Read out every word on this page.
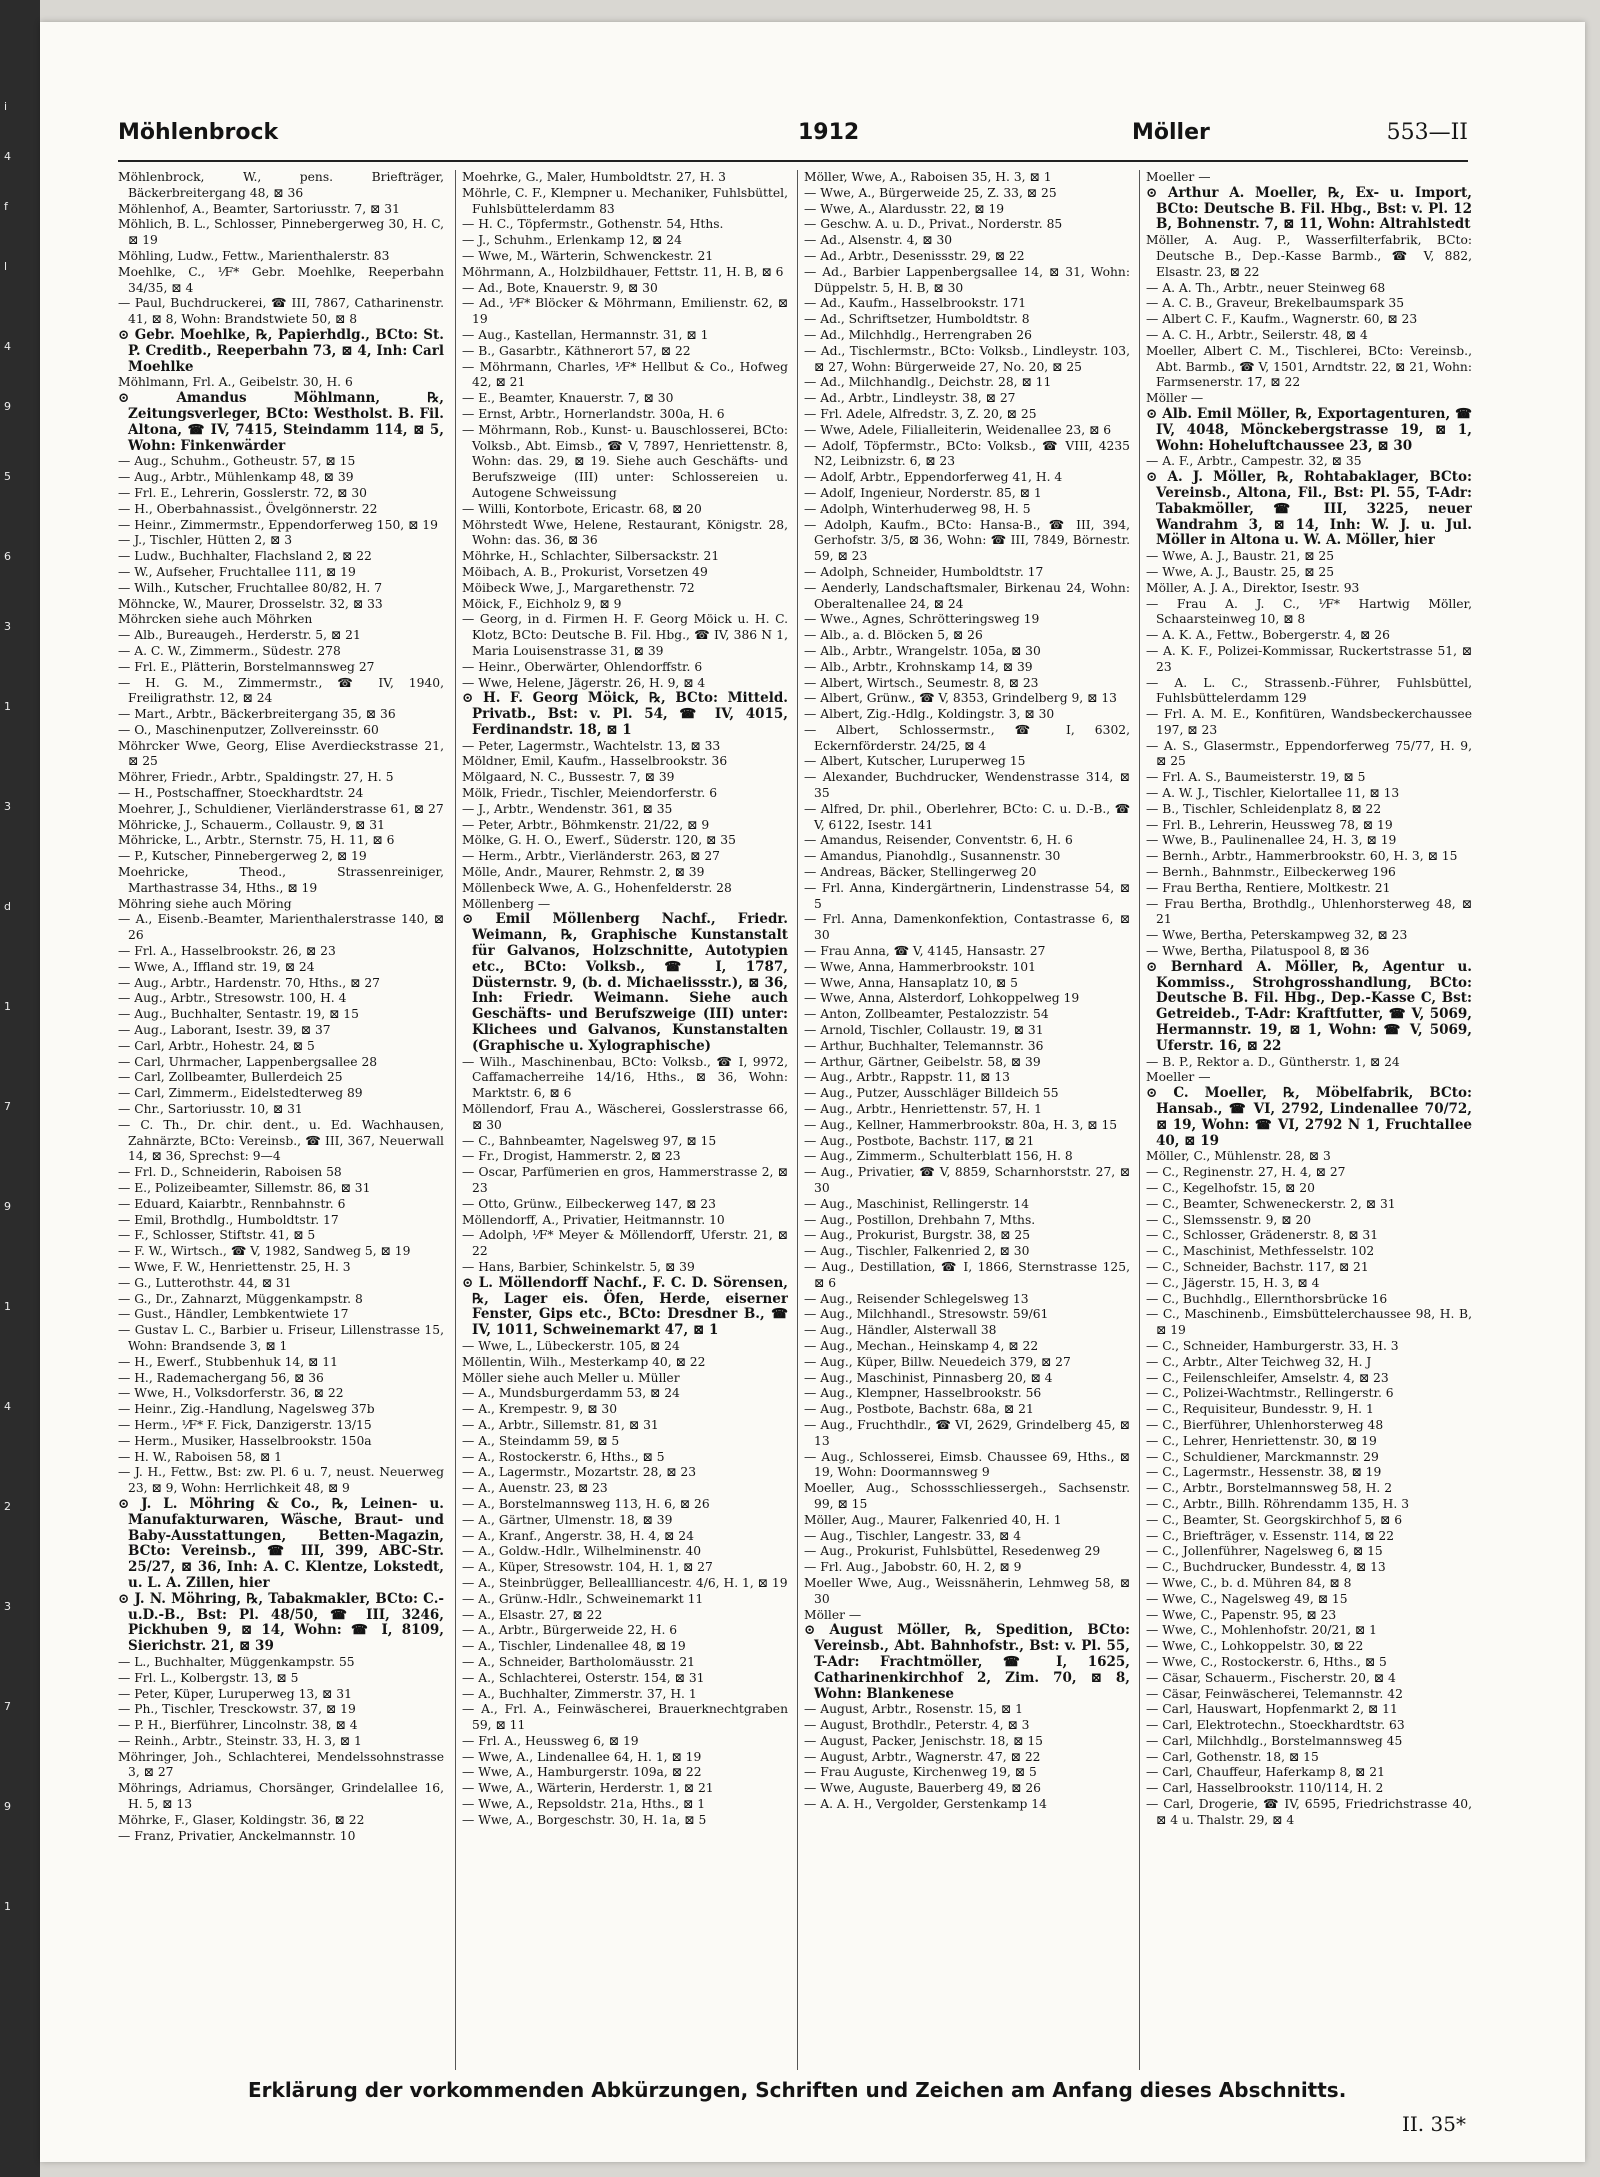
i
4
f
l
4
9
5
6
3
1
3
d
1
7
9
1
4
2
3
7
9
1
Möhlenbrock	1912	Möller	553—II
Möhlenbrock, W., pens. Briefträger, Bäckerbreitergang 48, ⊠ 36
Möhlenhof, A., Beamter, Sartoriusstr. 7, ⊠ 31
Möhlich, B. L., Schlosser, Pinnebergerweg 30, H. C, ⊠ 19
Möhling, Ludw., Fettw., Marienthalerstr. 83
Moehlke, C., ⅟F* Gebr. Moehlke, Reeperbahn 34/35, ⊠ 4
— Paul, Buchdruckerei, ☎ III, 7867, Catharinenstr. 41, ⊠ 8, Wohn: Brandstwiete 50, ⊠ 8
⊙ Gebr. Moehlke, ℞, Papierhdlg., BCto: St. P. Creditb., Reeperbahn 73, ⊠ 4, Inh: Carl Moehlke
Möhlmann, Frl. A., Geibelstr. 30, H. 6
⊙ Amandus Möhlmann, ℞, Zeitungsverleger, BCto: Westholst. B. Fil. Altona, ☎ IV, 7415, Steindamm 114, ⊠ 5, Wohn: Finkenwärder
— Aug., Schuhm., Gotheustr. 57, ⊠ 15
— Aug., Arbtr., Mühlenkamp 48, ⊠ 39
— Frl. E., Lehrerin, Gosslerstr. 72, ⊠ 30
— H., Oberbahnassist., Övelgönnerstr. 22
— Heinr., Zimmermstr., Eppendorferweg 150, ⊠ 19
— J., Tischler, Hütten 2, ⊠ 3
— Ludw., Buchhalter, Flachsland 2, ⊠ 22
— W., Aufseher, Fruchtallee 111, ⊠ 19
— Wilh., Kutscher, Fruchtallee 80/82, H. 7
Möhncke, W., Maurer, Drosselstr. 32, ⊠ 33
Möhrcken siehe auch Möhrken
— Alb., Bureaugeh., Herderstr. 5, ⊠ 21
— A. C. W., Zimmerm., Südestr. 278
— Frl. E., Plätterin, Borstelmannsweg 27
— H. G. M., Zimmermstr., ☎ IV, 1940, Freiligrathstr. 12, ⊠ 24
— Mart., Arbtr., Bäckerbreitergang 35, ⊠ 36
— O., Maschinenputzer, Zollvereinsstr. 60
Möhrcker Wwe, Georg, Elise Averdieckstrasse 21, ⊠ 25
Möhrer, Friedr., Arbtr., Spaldingstr. 27, H. 5
— H., Postschaffner, Stoeckhardtstr. 24
Moehrer, J., Schuldiener, Vierländerstrasse 61, ⊠ 27
Möhricke, J., Schauerm., Collaustr. 9, ⊠ 31
Möhricke, L., Arbtr., Sternstr. 75, H. 11, ⊠ 6
— P., Kutscher, Pinnebergerweg 2, ⊠ 19
Moehricke, Theod., Strassenreiniger, Marthastrasse 34, Hths., ⊠ 19
Möhring siehe auch Möring
— A., Eisenb.-Beamter, Marienthalerstrasse 140, ⊠ 26
— Frl. A., Hasselbrookstr. 26, ⊠ 23
— Wwe, A., Iffland str. 19, ⊠ 24
— Aug., Arbtr., Hardenstr. 70, Hths., ⊠ 27
— Aug., Arbtr., Stresowstr. 100, H. 4
— Aug., Buchhalter, Sentastr. 19, ⊠ 15
— Aug., Laborant, Isestr. 39, ⊠ 37
— Carl, Arbtr., Hohestr. 24, ⊠ 5
— Carl, Uhrmacher, Lappenbergsallee 28
— Carl, Zollbeamter, Bullerdeich 25
— Carl, Zimmerm., Eidelstedterweg 89
— Chr., Sartoriusstr. 10, ⊠ 31
— C. Th., Dr. chir. dent., u. Ed. Wachhausen, Zahnärzte, BCto: Vereinsb., ☎ III, 367, Neuerwall 14, ⊠ 36, Sprechst: 9—4
— Frl. D., Schneiderin, Raboisen 58
— E., Polizeibeamter, Sillemstr. 86, ⊠ 31
— Eduard, Kaiarbtr., Rennbahnstr. 6
— Emil, Brothdlg., Humboldtstr. 17
— F., Schlosser, Stiftstr. 41, ⊠ 5
— F. W., Wirtsch., ☎ V, 1982, Sandweg 5, ⊠ 19
— Wwe, F. W., Henriettenstr. 25, H. 3
— G., Lutterothstr. 44, ⊠ 31
— G., Dr., Zahnarzt, Müggenkampstr. 8
— Gust., Händler, Lembkentwiete 17
— Gustav L. C., Barbier u. Friseur, Lillenstrasse 15, Wohn: Brandsende 3, ⊠ 1
— H., Ewerf., Stubbenhuk 14, ⊠ 11
— H., Rademachergang 56, ⊠ 36
— Wwe, H., Volksdorferstr. 36, ⊠ 22
— Heinr., Zig.-Handlung, Nagelsweg 37b
— Herm., ⅟F* F. Fick, Danzigerstr. 13/15
— Herm., Musiker, Hasselbrookstr. 150a
— H. W., Raboisen 58, ⊠ 1
— J. H., Fettw., Bst: zw. Pl. 6 u. 7, neust. Neuerweg 23, ⊠ 9, Wohn: Herrlichkeit 48, ⊠ 9
⊙ J. L. Möhring & Co., ℞, Leinen- u. Manufakturwaren, Wäsche, Braut- und Baby-Ausstattungen, Betten-Magazin, BCto: Vereinsb., ☎ III, 399, ABC-Str. 25/27, ⊠ 36, Inh: A. C. Klentze, Lokstedt, u. L. A. Zillen, hier
⊙ J. N. Möhring, ℞, Tabakmakler, BCto: C.-u.D.-B., Bst: Pl. 48/50, ☎ III, 3246, Pickhuben 9, ⊠ 14, Wohn: ☎ I, 8109, Sierichstr. 21, ⊠ 39
— L., Buchhalter, Müggenkampstr. 55
— Frl. L., Kolbergstr. 13, ⊠ 5
— Peter, Küper, Luruperweg 13, ⊠ 31
— Ph., Tischler, Tresckowstr. 37, ⊠ 19
— P. H., Bierführer, Lincolnstr. 38, ⊠ 4
— Reinh., Arbtr., Steinstr. 33, H. 3, ⊠ 1
Möhringer, Joh., Schlachterei, Mendelssohnstrasse 3, ⊠ 27
Möhrings, Adriamus, Chorsänger, Grindelallee 16, H. 5, ⊠ 13
Möhrke, F., Glaser, Koldingstr. 36, ⊠ 22
— Franz, Privatier, Anckelmannstr. 10
Moehrke, G., Maler, Humboldtstr. 27, H. 3
Möhrle, C. F., Klempner u. Mechaniker, Fuhlsbüttel, Fuhlsbüttelerdamm 83
— H. C., Töpfermstr., Gothenstr. 54, Hths.
— J., Schuhm., Erlenkamp 12, ⊠ 24
— Wwe, M., Wärterin, Schwenckestr. 21
Möhrmann, A., Holzbildhauer, Fettstr. 11, H. B, ⊠ 6
— Ad., Bote, Knauerstr. 9, ⊠ 30
— Ad., ⅟F* Blöcker & Möhrmann, Emilienstr. 62, ⊠ 19
— Aug., Kastellan, Hermannstr. 31, ⊠ 1
— B., Gasarbtr., Käthnerort 57, ⊠ 22
— Möhrmann, Charles, ⅟F* Hellbut & Co., Hofweg 42, ⊠ 21
— E., Beamter, Knauerstr. 7, ⊠ 30
— Ernst, Arbtr., Hornerlandstr. 300a, H. 6
— Möhrmann, Rob., Kunst- u. Bauschlosserei, BCto: Volksb., Abt. Eimsb., ☎ V, 7897, Henriettenstr. 8, Wohn: das. 29, ⊠ 19. Siehe auch Geschäfts- und Berufszweige (III) unter: Schlossereien u. Autogene Schweissung
— Willi, Kontorbote, Ericastr. 68, ⊠ 20
Möhrstedt Wwe, Helene, Restaurant, Königstr. 28, Wohn: das. 36, ⊠ 36
Möhrke, H., Schlachter, Silbersackstr. 21
Möibach, A. B., Prokurist, Vorsetzen 49
Möibeck Wwe, J., Margarethenstr. 72
Möick, F., Eichholz 9, ⊠ 9
— Georg, in d. Firmen H. F. Georg Möick u. H. C. Klotz, BCto: Deutsche B. Fil. Hbg., ☎ IV, 386 N 1, Maria Louisenstrasse 31, ⊠ 39
— Heinr., Oberwärter, Ohlendorffstr. 6
— Wwe, Helene, Jägerstr. 26, H. 9, ⊠ 4
⊙ H. F. Georg Möick, ℞, BCto: Mitteld. Privatb., Bst: v. Pl. 54, ☎ IV, 4015, Ferdinandstr. 18, ⊠ 1
— Peter, Lagermstr., Wachtelstr. 13, ⊠ 33
Möldner, Emil, Kaufm., Hasselbrookstr. 36
Mölgaard, N. C., Bussestr. 7, ⊠ 39
Mölk, Friedr., Tischler, Meiendorferstr. 6
— J., Arbtr., Wendenstr. 361, ⊠ 35
— Peter, Arbtr., Böhmkenstr. 21/22, ⊠ 9
Mölke, G. H. O., Ewerf., Süderstr. 120, ⊠ 35
— Herm., Arbtr., Vierländerstr. 263, ⊠ 27
Mölle, Andr., Maurer, Rehmstr. 2, ⊠ 39
Möllenbeck Wwe, A. G., Hohenfelderstr. 28
Möllenberg —
⊙ Emil Möllenberg Nachf., Friedr. Weimann, ℞, Graphische Kunstanstalt für Galvanos, Holzschnitte, Autotypien etc., BCto: Volksb., ☎ I, 1787, Düsternstr. 9, (b. d. Michaelissstr.), ⊠ 36, Inh: Friedr. Weimann. Siehe auch Geschäfts- und Berufszweige (III) unter: Klichees und Galvanos, Kunstanstalten (Graphische u. Xylographische)
— Wilh., Maschinenbau, BCto: Volksb., ☎ I, 9972, Caffamacherreihe 14/16, Hths., ⊠ 36, Wohn: Marktstr. 6, ⊠ 6
Möllendorf, Frau A., Wäscherei, Gosslerstrasse 66, ⊠ 30
— C., Bahnbeamter, Nagelsweg 97, ⊠ 15
— Fr., Drogist, Hammerstr. 2, ⊠ 23
— Oscar, Parfümerien en gros, Hammerstrasse 2, ⊠ 23
— Otto, Grünw., Eilbeckerweg 147, ⊠ 23
Möllendorff, A., Privatier, Heitmannstr. 10
— Adolph, ⅟F* Meyer & Möllendorff, Uferstr. 21, ⊠ 22
— Hans, Barbier, Schinkelstr. 5, ⊠ 39
⊙ L. Möllendorff Nachf., F. C. D. Sörensen, ℞, Lager eis. Öfen, Herde, eiserner Fenster, Gips etc., BCto: Dresdner B., ☎ IV, 1011, Schweinemarkt 47, ⊠ 1
— Wwe, L., Lübeckerstr. 105, ⊠ 24
Möllentin, Wilh., Mesterkamp 40, ⊠ 22
Möller siehe auch Meller u. Müller
— A., Mundsburgerdamm 53, ⊠ 24
— A., Krempestr. 9, ⊠ 30
— A., Arbtr., Sillemstr. 81, ⊠ 31
— A., Steindamm 59, ⊠ 5
— A., Rostockerstr. 6, Hths., ⊠ 5
— A., Lagermstr., Mozartstr. 28, ⊠ 23
— A., Auenstr. 23, ⊠ 23
— A., Borstelmannsweg 113, H. 6, ⊠ 26
— A., Gärtner, Ulmenstr. 18, ⊠ 39
— A., Kranf., Angerstr. 38, H. 4, ⊠ 24
— A., Goldw.-Hdlr., Wilhelminenstr. 40
— A., Küper, Stresowstr. 104, H. 1, ⊠ 27
— A., Steinbrügger, Belleallliancestr. 4/6, H. 1, ⊠ 19
— A., Grünw.-Hdlr., Schweinemarkt 11
— A., Elsastr. 27, ⊠ 22
— A., Arbtr., Bürgerweide 22, H. 6
— A., Tischler, Lindenallee 48, ⊠ 19
— A., Schneider, Bartholomäusstr. 21
— A., Schlachterei, Osterstr. 154, ⊠ 31
— A., Buchhalter, Zimmerstr. 37, H. 1
— A., Frl. A., Feinwäscherei, Brauerknechtgraben 59, ⊠ 11
— Frl. A., Heussweg 6, ⊠ 19
— Wwe, A., Lindenallee 64, H. 1, ⊠ 19
— Wwe, A., Hamburgerstr. 109a, ⊠ 22
— Wwe, A., Wärterin, Herderstr. 1, ⊠ 21
— Wwe, A., Repsoldstr. 21a, Hths., ⊠ 1
— Wwe, A., Borgeschstr. 30, H. 1a, ⊠ 5
Möller, Wwe, A., Raboisen 35, H. 3, ⊠ 1
— Wwe, A., Bürgerweide 25, Z. 33, ⊠ 25
— Wwe, A., Alardusstr. 22, ⊠ 19
— Geschw. A. u. D., Privat., Norderstr. 85
— Ad., Alsenstr. 4, ⊠ 30
— Ad., Arbtr., Desenissstr. 29, ⊠ 22
— Ad., Barbier Lappenbergsallee 14, ⊠ 31, Wohn: Düppelstr. 5, H. B, ⊠ 30
— Ad., Kaufm., Hasselbrookstr. 171
— Ad., Schriftsetzer, Humboldtstr. 8
— Ad., Milchhdlg., Herrengraben 26
— Ad., Tischlermstr., BCto: Volksb., Lindleystr. 103, ⊠ 27, Wohn: Bürgerweide 27, No. 20, ⊠ 25
— Ad., Milchhandlg., Deichstr. 28, ⊠ 11
— Ad., Arbtr., Lindleystr. 38, ⊠ 27
— Frl. Adele, Alfredstr. 3, Z. 20, ⊠ 25
— Wwe, Adele, Filialleiterin, Weidenallee 23, ⊠ 6
— Adolf, Töpfermstr., BCto: Volksb., ☎ VIII, 4235 N2, Leibnizstr. 6, ⊠ 23
— Adolf, Arbtr., Eppendorferweg 41, H. 4
— Adolf, Ingenieur, Norderstr. 85, ⊠ 1
— Adolph, Winterhuderweg 98, H. 5
— Adolph, Kaufm., BCto: Hansa-B., ☎ III, 394, Gerhofstr. 3/5, ⊠ 36, Wohn: ☎ III, 7849, Börnestr. 59, ⊠ 23
— Adolph, Schneider, Humboldtstr. 17
— Aenderly, Landschaftsmaler, Birkenau 24, Wohn: Oberaltenallee 24, ⊠ 24
— Wwe., Agnes, Schrötteringsweg 19
— Alb., a. d. Blöcken 5, ⊠ 26
— Alb., Arbtr., Wrangelstr. 105a, ⊠ 30
— Alb., Arbtr., Krohnskamp 14, ⊠ 39
— Albert, Wirtsch., Seumestr. 8, ⊠ 23
— Albert, Grünw., ☎ V, 8353, Grindelberg 9, ⊠ 13
— Albert, Zig.-Hdlg., Koldingstr. 3, ⊠ 30
— Albert, Schlossermstr., ☎ I, 6302, Eckernförderstr. 24/25, ⊠ 4
— Albert, Kutscher, Luruperweg 15
— Alexander, Buchdrucker, Wendenstrasse 314, ⊠ 35
— Alfred, Dr. phil., Oberlehrer, BCto: C. u. D.-B., ☎ V, 6122, Isestr. 141
— Amandus, Reisender, Conventstr. 6, H. 6
— Amandus, Pianohdlg., Susannenstr. 30
— Andreas, Bäcker, Stellingerweg 20
— Frl. Anna, Kindergärtnerin, Lindenstrasse 54, ⊠ 5
— Frl. Anna, Damenkonfektion, Contastrasse 6, ⊠ 30
— Frau Anna, ☎ V, 4145, Hansastr. 27
— Wwe, Anna, Hammerbrookstr. 101
— Wwe, Anna, Hansaplatz 10, ⊠ 5
— Wwe, Anna, Alsterdorf, Lohkoppelweg 19
— Anton, Zollbeamter, Pestalozzistr. 54
— Arnold, Tischler, Collaustr. 19, ⊠ 31
— Arthur, Buchhalter, Telemannstr. 36
— Arthur, Gärtner, Geibelstr. 58, ⊠ 39
— Aug., Arbtr., Rappstr. 11, ⊠ 13
— Aug., Putzer, Ausschläger Billdeich 55
— Aug., Arbtr., Henriettenstr. 57, H. 1
— Aug., Kellner, Hammerbrookstr. 80a, H. 3, ⊠ 15
— Aug., Postbote, Bachstr. 117, ⊠ 21
— Aug., Zimmerm., Schulterblatt 156, H. 8
— Aug., Privatier, ☎ V, 8859, Scharnhorststr. 27, ⊠ 30
— Aug., Maschinist, Rellingerstr. 14
— Aug., Postillon, Drehbahn 7, Mths.
— Aug., Prokurist, Burgstr. 38, ⊠ 25
— Aug., Tischler, Falkenried 2, ⊠ 30
— Aug., Destillation, ☎ I, 1866, Sternstrasse 125, ⊠ 6
— Aug., Reisender Schlegelsweg 13
— Aug., Milchhandl., Stresowstr. 59/61
— Aug., Händler, Alsterwall 38
— Aug., Mechan., Heinskamp 4, ⊠ 22
— Aug., Küper, Billw. Neuedeich 379, ⊠ 27
— Aug., Maschinist, Pinnasberg 20, ⊠ 4
— Aug., Klempner, Hasselbrookstr. 56
— Aug., Postbote, Bachstr. 68a, ⊠ 21
— Aug., Fruchthdlr., ☎ VI, 2629, Grindelberg 45, ⊠ 13
— Aug., Schlosserei, Eimsb. Chaussee 69, Hths., ⊠ 19, Wohn: Doormannsweg 9
Moeller, Aug., Schossschliessergeh., Sachsenstr. 99, ⊠ 15
Möller, Aug., Maurer, Falkenried 40, H. 1
— Aug., Tischler, Langestr. 33, ⊠ 4
— Aug., Prokurist, Fuhlsbüttel, Resedenweg 29
— Frl. Aug., Jabobstr. 60, H. 2, ⊠ 9
Moeller Wwe, Aug., Weissnäherin, Lehmweg 58, ⊠ 30
Möller —
⊙ August Möller, ℞, Spedition, BCto: Vereinsb., Abt. Bahnhofstr., Bst: v. Pl. 55, T-Adr: Frachtmöller, ☎ I, 1625, Catharinenkirchhof 2, Zim. 70, ⊠ 8, Wohn: Blankenese
— August, Arbtr., Rosenstr. 15, ⊠ 1
— August, Brothdlr., Peterstr. 4, ⊠ 3
— August, Packer, Jenischstr. 18, ⊠ 15
— August, Arbtr., Wagnerstr. 47, ⊠ 22
— Frau Auguste, Kirchenweg 19, ⊠ 5
— Wwe, Auguste, Bauerberg 49, ⊠ 26
— A. A. H., Vergolder, Gerstenkamp 14
Moeller —
⊙ Arthur A. Moeller, ℞, Ex- u. Import, BCto: Deutsche B. Fil. Hbg., Bst: v. Pl. 12 B, Bohnenstr. 7, ⊠ 11, Wohn: Altrahlstedt
Möller, A. Aug. P., Wasserfilterfabrik, BCto: Deutsche B., Dep.-Kasse Barmb., ☎ V, 882, Elsastr. 23, ⊠ 22
— A. A. Th., Arbtr., neuer Steinweg 68
— A. C. B., Graveur, Brekelbaumspark 35
— Albert C. F., Kaufm., Wagnerstr. 60, ⊠ 23
— A. C. H., Arbtr., Seilerstr. 48, ⊠ 4
Moeller, Albert C. M., Tischlerei, BCto: Vereinsb., Abt. Barmb., ☎ V, 1501, Arndtstr. 22, ⊠ 21, Wohn: Farmsenerstr. 17, ⊠ 22
Möller —
⊙ Alb. Emil Möller, ℞, Exportagenturen, ☎ IV, 4048, Mönckebergstrasse 19, ⊠ 1, Wohn: Hoheluftchaussee 23, ⊠ 30
— A. F., Arbtr., Campestr. 32, ⊠ 35
⊙ A. J. Möller, ℞, Rohtabaklager, BCto: Vereinsb., Altona, Fil., Bst: Pl. 55, T-Adr: Tabakmöller, ☎ III, 3225, neuer Wandrahm 3, ⊠ 14, Inh: W. J. u. Jul. Möller in Altona u. W. A. Möller, hier
— Wwe, A. J., Baustr. 21, ⊠ 25
— Wwe, A. J., Baustr. 25, ⊠ 25
Möller, A. J. A., Direktor, Isestr. 93
— Frau A. J. C., ⅟F* Hartwig Möller, Schaarsteinweg 10, ⊠ 8
— A. K. A., Fettw., Bobergerstr. 4, ⊠ 26
— A. K. F., Polizei-Kommissar, Ruckertstrasse 51, ⊠ 23
— A. L. C., Strassenb.-Führer, Fuhlsbüttel, Fuhlsbüttelerdamm 129
— Frl. A. M. E., Konfitüren, Wandsbeckerchaussee 197, ⊠ 23
— A. S., Glasermstr., Eppendorferweg 75/77, H. 9, ⊠ 25
— Frl. A. S., Baumeisterstr. 19, ⊠ 5
— A. W. J., Tischler, Kielortallee 11, ⊠ 13
— B., Tischler, Schleidenplatz 8, ⊠ 22
— Frl. B., Lehrerin, Heussweg 78, ⊠ 19
— Wwe, B., Paulinenallee 24, H. 3, ⊠ 19
— Bernh., Arbtr., Hammerbrookstr. 60, H. 3, ⊠ 15
— Bernh., Bahnmstr., Eilbeckerweg 196
— Frau Bertha, Rentiere, Moltkestr. 21
— Frau Bertha, Brothdlg., Uhlenhorsterweg 48, ⊠ 21
— Wwe, Bertha, Peterskampweg 32, ⊠ 23
— Wwe, Bertha, Pilatuspool 8, ⊠ 36
⊙ Bernhard A. Möller, ℞, Agentur u. Kommiss., Strohgrosshandlung, BCto: Deutsche B. Fil. Hbg., Dep.-Kasse C, Bst: Getreideb., T-Adr: Kraftfutter, ☎ V, 5069, Hermannstr. 19, ⊠ 1, Wohn: ☎ V, 5069, Uferstr. 16, ⊠ 22
— B. P., Rektor a. D., Güntherstr. 1, ⊠ 24
Moeller —
⊙ C. Moeller, ℞, Möbelfabrik, BCto: Hansab., ☎ VI, 2792, Lindenallee 70/72, ⊠ 19, Wohn: ☎ VI, 2792 N 1, Fruchtallee 40, ⊠ 19
Möller, C., Mühlenstr. 28, ⊠ 3
— C., Reginenstr. 27, H. 4, ⊠ 27
— C., Kegelhofstr. 15, ⊠ 20
— C., Beamter, Schweneckerstr. 2, ⊠ 31
— C., Slemssenstr. 9, ⊠ 20
— C., Schlosser, Grädenerstr. 8, ⊠ 31
— C., Maschinist, Methfesselstr. 102
— C., Schneider, Bachstr. 117, ⊠ 21
— C., Jägerstr. 15, H. 3, ⊠ 4
— C., Buchhdlg., Ellernthorsbrücke 16
— C., Maschinenb., Eimsbüttelerchaussee 98, H. B, ⊠ 19
— C., Schneider, Hamburgerstr. 33, H. 3
— C., Arbtr., Alter Teichweg 32, H. J
— C., Feilenschleifer, Amselstr. 4, ⊠ 23
— C., Polizei-Wachtmstr., Rellingerstr. 6
— C., Requisiteur, Bundesstr. 9, H. 1
— C., Bierführer, Uhlenhorsterweg 48
— C., Lehrer, Henriettenstr. 30, ⊠ 19
— C., Schuldiener, Marckmannstr. 29
— C., Lagermstr., Hessenstr. 38, ⊠ 19
— C., Arbtr., Borstelmannsweg 58, H. 2
— C., Arbtr., Billh. Röhrendamm 135, H. 3
— C., Beamter, St. Georgskirchhof 5, ⊠ 6
— C., Briefträger, v. Essenstr. 114, ⊠ 22
— C., Jollenführer, Nagelsweg 6, ⊠ 15
— C., Buchdrucker, Bundesstr. 4, ⊠ 13
— Wwe, C., b. d. Mühren 84, ⊠ 8
— Wwe, C., Nagelsweg 49, ⊠ 15
— Wwe, C., Papenstr. 95, ⊠ 23
— Wwe, C., Mohlenhofstr. 20/21, ⊠ 1
— Wwe, C., Lohkoppelstr. 30, ⊠ 22
— Wwe, C., Rostockerstr. 6, Hths., ⊠ 5
— Cäsar, Schauerm., Fischerstr. 20, ⊠ 4
— Cäsar, Feinwäscherei, Telemannstr. 42
— Carl, Hauswart, Hopfenmarkt 2, ⊠ 11
— Carl, Elektrotechn., Stoeckhardtstr. 63
— Carl, Milchhdlg., Borstelmannsweg 45
— Carl, Gothenstr. 18, ⊠ 15
— Carl, Chauffeur, Haferkamp 8, ⊠ 21
— Carl, Hasselbrookstr. 110/114, H. 2
— Carl, Drogerie, ☎ IV, 6595, Friedrichstrasse 40, ⊠ 4 u. Thalstr. 29, ⊠ 4
Erklärung der vorkommenden Abkürzungen, Schriften und Zeichen am Anfang dieses Abschnitts.
II. 35*
